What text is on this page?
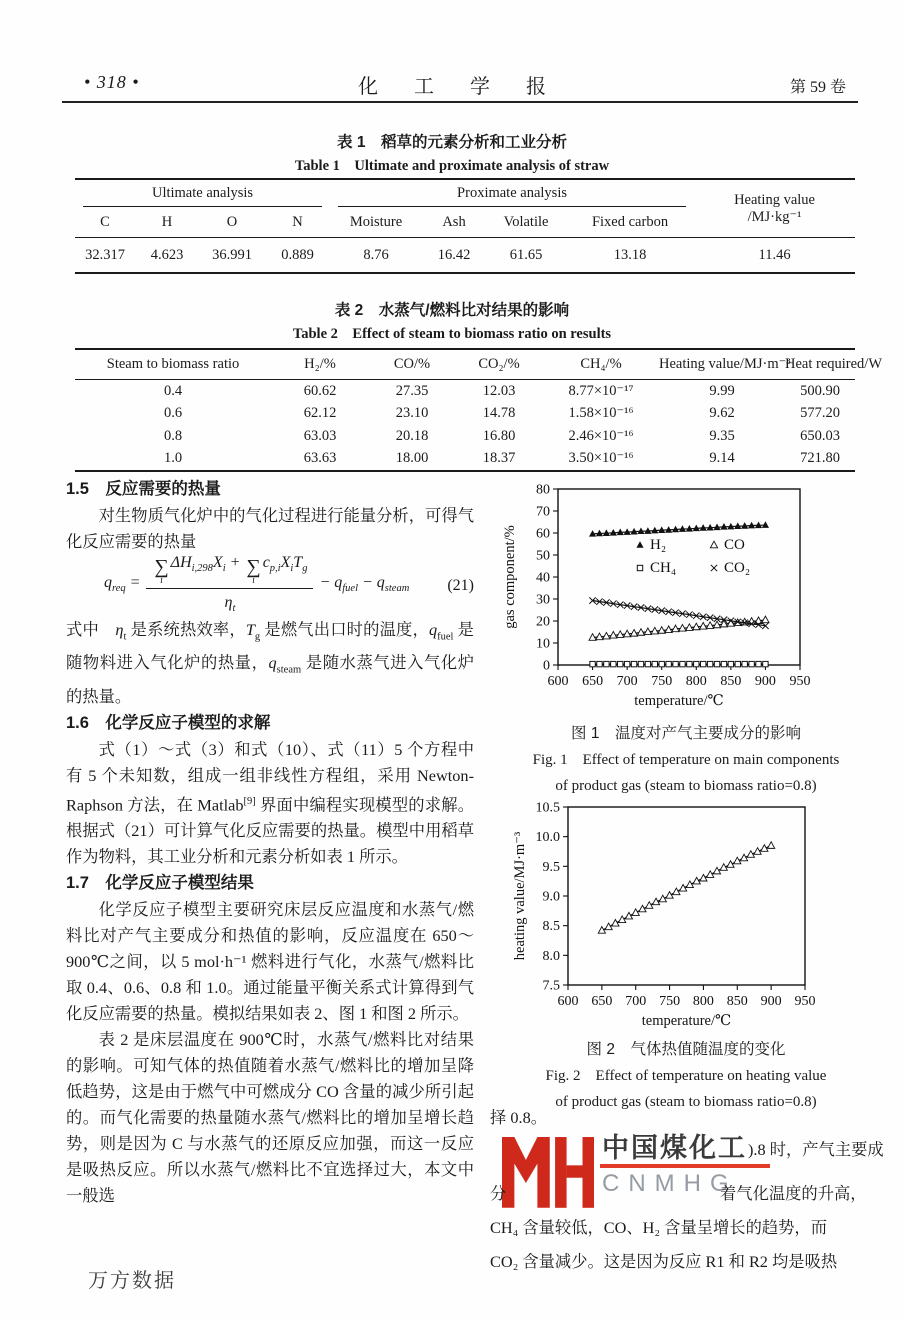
• 318 •	化工学报	第 59 卷
表 1　稻草的元素分析和工业分析
Table 1　Ultimate and proximate analysis of straw
Ultimate analysis				Proximate analysis				Heating value
/MJ·kg⁻¹

C	H	O	N	Moisture	Ash	Volatile	Fixed carbon	
32.317	4.623	36.991	0.889	8.76	16.42	61.65	13.18	11.46
表 2　水蒸气/燃料比对结果的影响
Table 2　Effect of steam to biomass ratio on results
Steam to biomass ratio	H₂/%	CO/%	CO₂/%	CH₄/%	Heating value/MJ·m⁻³	Heat required/W
0.4	60.62	27.35	12.03	8.77×10⁻¹⁷	9.99	500.90
0.6	62.12	23.10	14.78	1.58×10⁻¹⁶	9.62	577.20
0.8	63.03	20.18	16.80	2.46×10⁻¹⁶	9.35	650.03
1.0	63.63	18.00	18.37	3.50×10⁻¹⁶	9.14	721.80
1.5　反应需要的热量

对生物质气化炉中的气化过程进行能量分析，可得气化反应需要的热量

$q_{req}$ = ∑
i
$\Delta H_{i,298}X_i$ + ∑
i
$c_{p,i}X_iT_g$
$\eta_t - q_{fuel} - q_{steam}$ (21)

式中　$\eta_t$ 是系统热效率，$T_g$ 是燃气出口时的温度，$q_{fuel}$ 是随物料进入气化炉的热量，$q_{steam}$ 是随水蒸气进入气化炉的热量。

1.6　化学反应子模型的求解

式（1）～式（3）和式（10）、式（11）5 个方程中有 5 个未知数，组成一组非线性方程组，采用 Newton-Raphson 方法，在 Matlab[9] 界面中编程实现模型的求解。根据式（21）可计算气化反应需要的热量。模型中用稻草作为物料，其工业分析和元素分析如表 1 所示。

1.7　化学反应子模型结果

化学反应子模型主要研究床层反应温度和水蒸气/燃料比对产气主要成分和热值的影响，反应温度在 650～900℃之间，以 5 mol·h⁻¹ 燃料进行气化，水蒸气/燃料比取 0.4、0.6、0.8 和 1.0。通过能量平衡关系式计算得到气化反应需要的热量。模拟结果如表 2、图 1 和图 2 所示。

表 2 是床层温度在 900℃时，水蒸气/燃料比对结果的影响。可知气体的热值随着水蒸气/燃料比的增加呈降低趋势，这是由于燃气中可燃成分 CO 含量的减少所引起的。而气化需要的热量随水蒸气/燃料比的增加呈增长趋势，则是因为 C 与水蒸气的还原反应加强，而这一反应是吸热反应。所以水蒸气/燃料比不宜选择过大，本文中一般选

600 650 700 750 800 850 900 950
0
10
20
30
40
50
60
70
80
temperature/℃
gas component/%	H₂	CO
CH₄	CO₂
图 1　温度对产气主要成分的影响
Fig. 1　Effect of temperature on main components
of product gas (steam to biomass ratio=0.8)
600 650 700 750 800 850 900 950
7.5
8.0
8.5
9.0
9.5
10.0
10.5
temperature/℃
heating value/MJ·m⁻³
图 2　气体热值随温度的变化
Fig. 2　Effect of temperature on heating value
of product gas (steam to biomass ratio=0.8)
择 0.8。
中国煤化工
CNMHG
).8 时，产气主要成
分	着气化温度的升高，
CH₄ 含量较低，CO、H₂ 含量呈增长的趋势，而
CO₂ 含量减少。这是因为反应 R1 和 R2 均是吸热
万方数据
